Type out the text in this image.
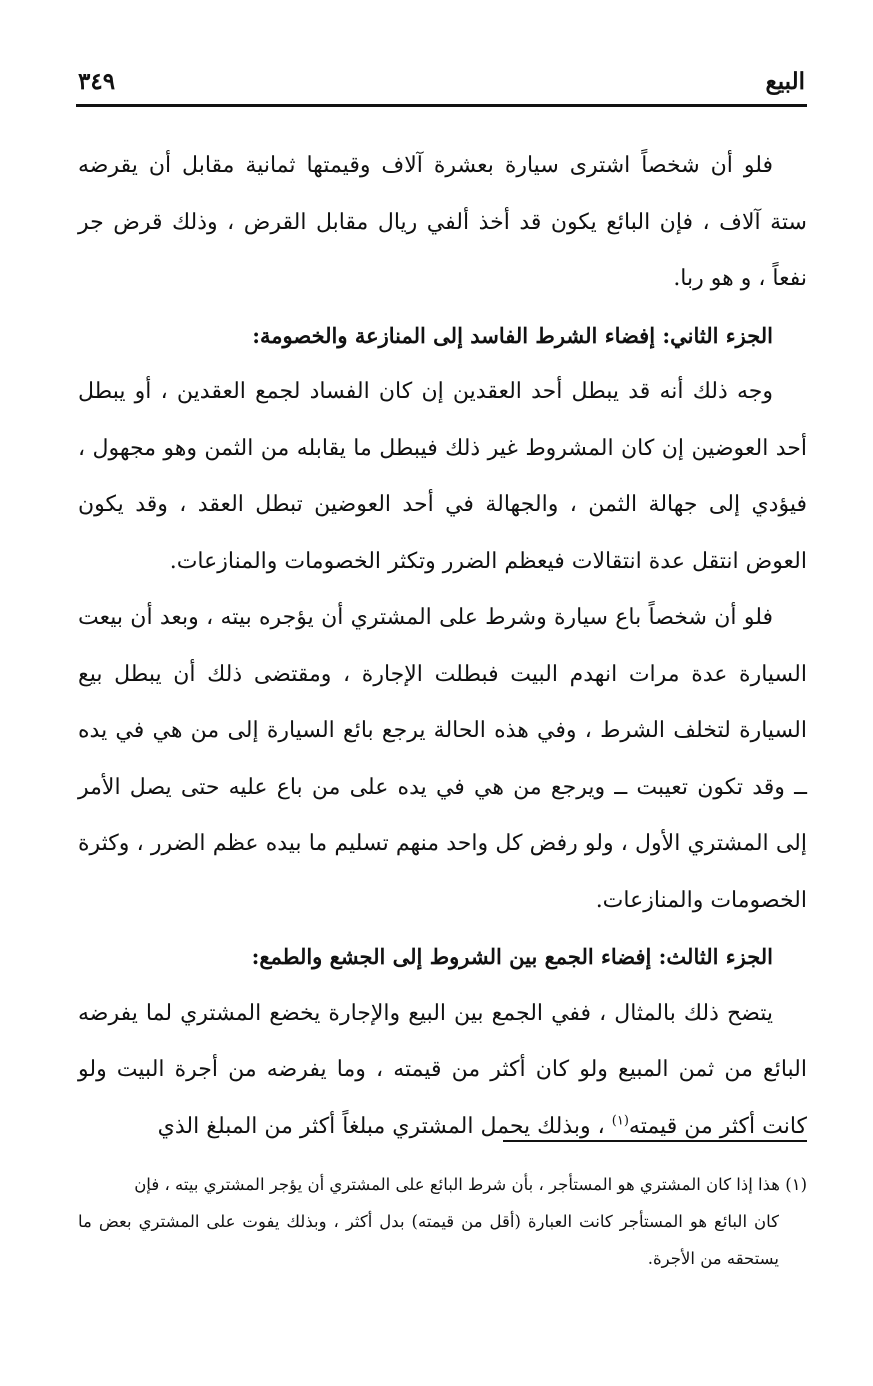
البيع
٣٤٩

فلو أن شخصاً اشترى سيارة بعشرة آلاف وقيمتها ثمانية مقابل أن يقرضه ستة آلاف ، فإن البائع يكون قد أخذ ألفي ريال مقابل القرض ، وذلك قرض جر نفعاً ، و هو ربا.

الجزء الثاني: إفضاء الشرط الفاسد إلى المنازعة والخصومة:

وجه ذلك أنه قد يبطل أحد العقدين إن كان الفساد لجمع العقدين ، أو يبطل أحد العوضين إن كان المشروط غير ذلك فيبطل ما يقابله من الثمن وهو مجهول ، فيؤدي إلى جهالة الثمن ، والجهالة في أحد العوضين تبطل العقد ، وقد يكون العوض انتقل عدة انتقالات فيعظم الضرر وتكثر الخصومات والمنازعات.

فلو أن شخصاً باع سيارة وشرط على المشتري أن يؤجره بيته ، وبعد أن بيعت السيارة عدة مرات انهدم البيت فبطلت الإجارة ، ومقتضى ذلك أن يبطل بيع السيارة لتخلف الشرط ، وفي هذه الحالة يرجع بائع السيارة إلى من هي في يده ــ وقد تكون تعيبت ــ ويرجع من هي في يده على من باع عليه حتى يصل الأمر إلى المشتري الأول ، ولو رفض كل واحد منهم تسليم ما بيده عظم الضرر ، وكثرة الخصومات والمنازعات.

الجزء الثالث: إفضاء الجمع بين الشروط إلى الجشع والطمع:

يتضح ذلك بالمثال ، ففي الجمع بين البيع والإجارة يخضع المشتري لما يفرضه البائع من ثمن المبيع ولو كان أكثر من قيمته ، وما يفرضه من أجرة البيت ولو كانت أكثر من قيمته$^{(١)}$ ، وبذلك يحمل المشتري مبلغاً أكثر من المبلغ الذي

(١) هذا إذا كان المشتري هو المستأجر ، بأن شرط البائع على المشتري أن يؤجر المشتري بيته ، فإن

كان البائع هو المستأجر كانت العبارة (أقل من قيمته) بدل أكثر ، وبذلك يفوت على المشتري بعض ما يستحقه من الأجرة.
